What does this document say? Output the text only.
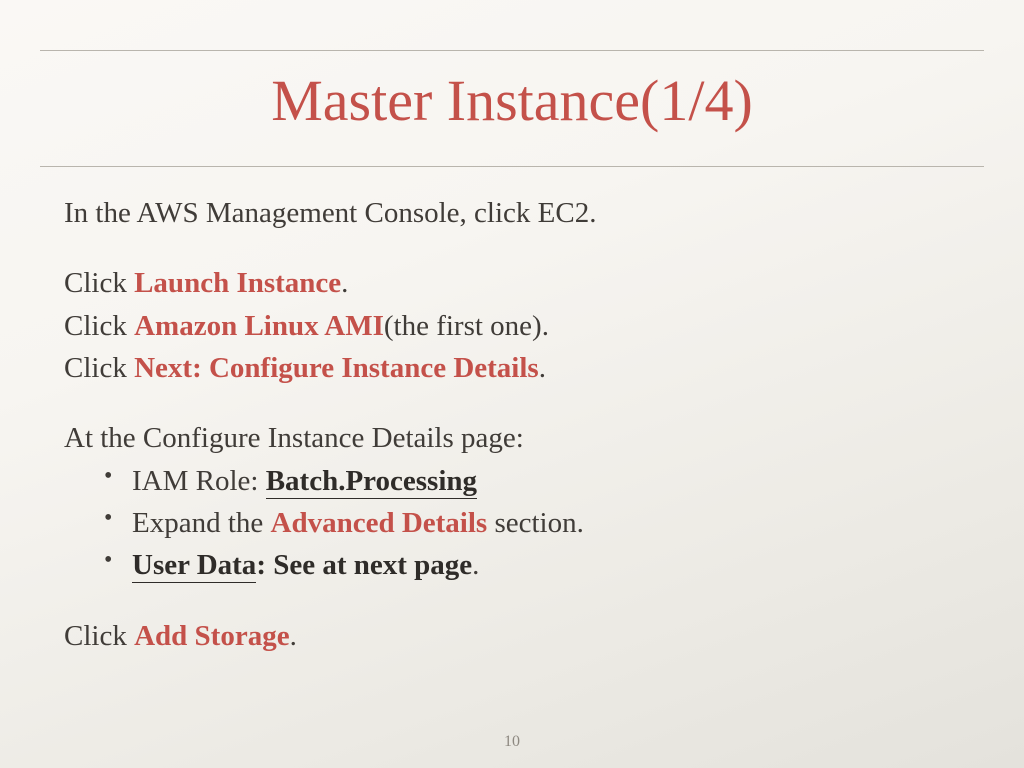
Master Instance(1/4)
In the AWS Management Console, click EC2.
Click Launch Instance.
Click Amazon Linux AMI(the first one).
Click Next: Configure Instance Details.
At the Configure Instance Details page:
• IAM Role: Batch.Processing
• Expand the Advanced Details section.
• User Data: See at next page.
Click Add Storage.
10
